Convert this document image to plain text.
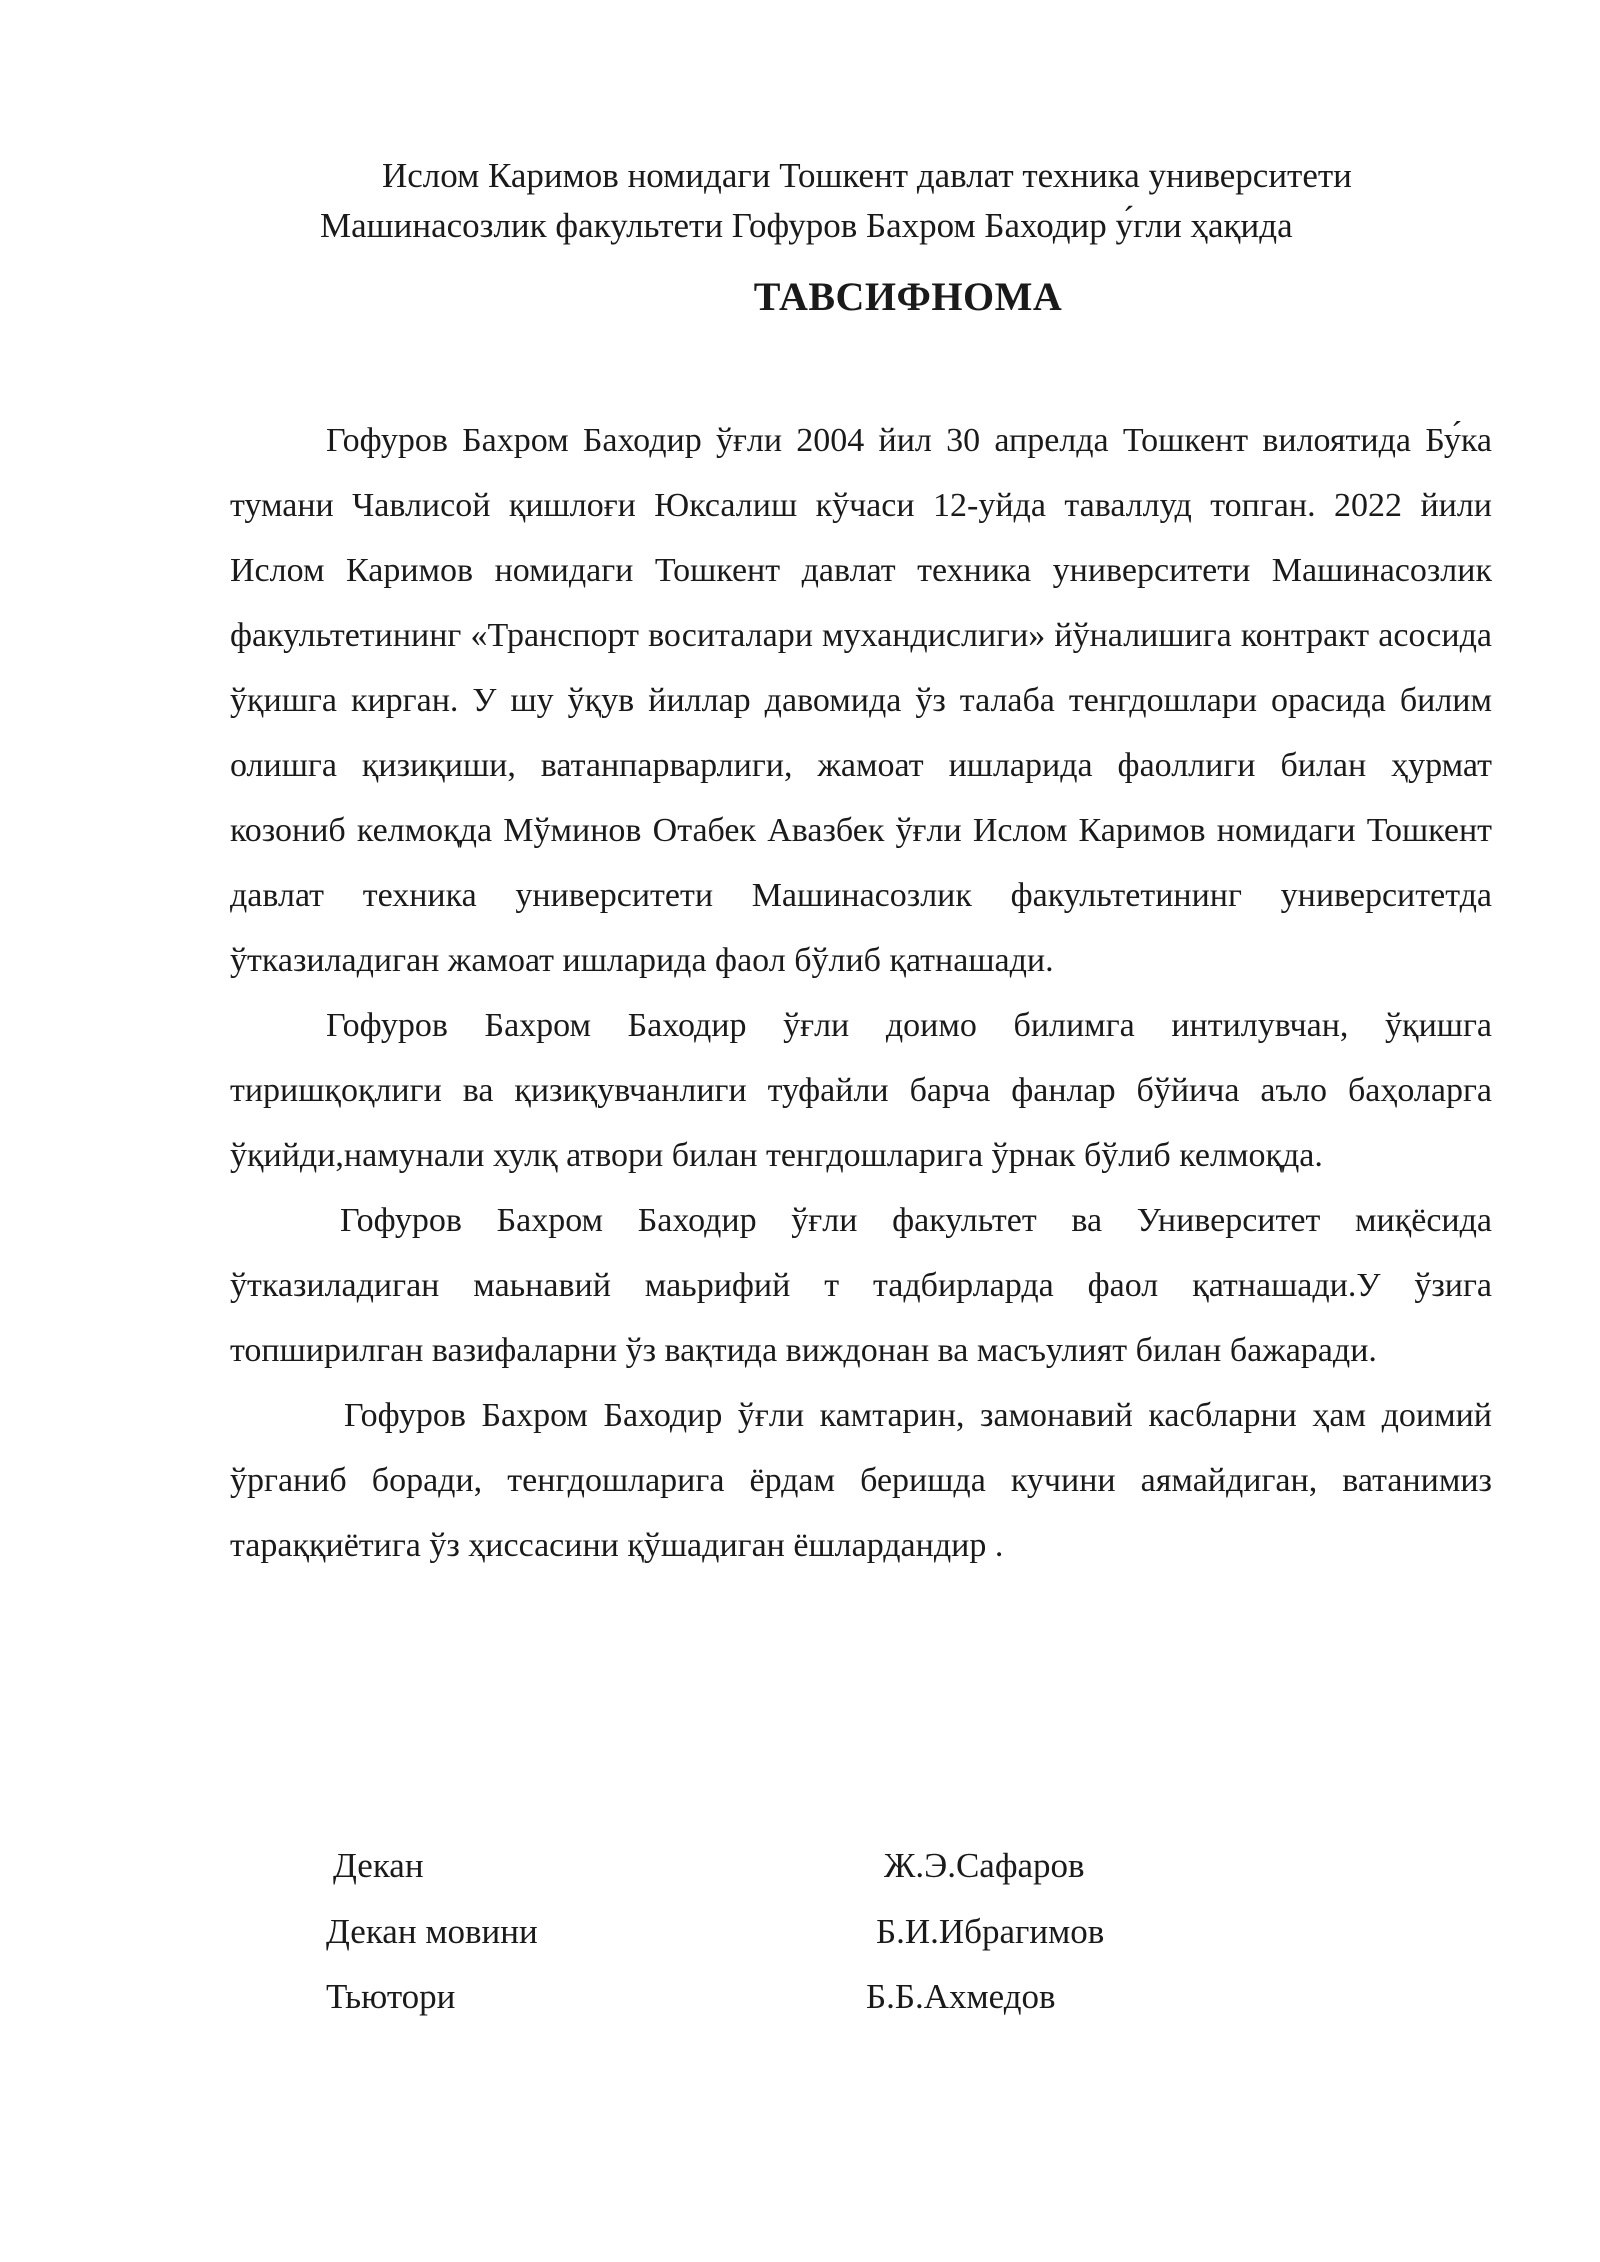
Ислом Каримов номидаги Тошкент давлат техника университети
Машинасозлик факультети Гофуров Бахром Баходир у́гли ҳақида
ТАВСИФНОМА

Гофуров Бахром Баходир ўғли 2004 йил 30 апрелда Тошкент вилоятида Бу́ка тумани Чавлисой қишлоғи Юксалиш кўчаси 12-уйда таваллуд топган. 2022 йили Ислом Каримов номидаги Тошкент давлат техника университети Машинасозлик факультетининг «Транспорт воситалари мухандислиги» йўналишига контракт асосида ўқишга кирган. У шу ўқув йиллар давомида ўз талаба тенгдошлари орасида билим олишга қизиқиши, ватанпарварлиги, жамоат ишларида фаоллиги билан ҳурмат козониб келмоқда Мўминов Отабек Авазбек ўғли Ислом Каримов номидаги Тошкент давлат техника университети Машинасозлик факультетининг университетда ўтказиладиган жамоат ишларида фаол бўлиб қатнашади.

Гофуров Бахром Баходир ўғли доимо билимга интилувчан, ўқишга тиришқоқлиги ва қизиқувчанлиги туфайли барча фанлар бўйича аъло баҳоларга ўқийди,намунали хулқ атвори билан тенгдошларига ўрнак бўлиб келмоқда.

Гофуров Бахром Баходир ўғли факультет ва Университет миқёсида ўтказиладиган маьнавий маьрифий т тадбирларда фаол қатнашади.У ўзига топширилган вазифаларни ўз вақтида виждонан ва масъулият билан бажаради.

Гофуров Бахром Баходир ўғли камтарин, замонавий касбларни ҳам доимий ўрганиб боради, тенгдошларига ёрдам беришда кучини аямайдиган, ватанимиз тараққиётига ўз ҳиссасини қўшадиган ёшлардандир .

Декан	Ж.Э.Сафаров
Декан мовини	Б.И.Ибрагимов
Тьютори	Б.Б.Ахмедов
